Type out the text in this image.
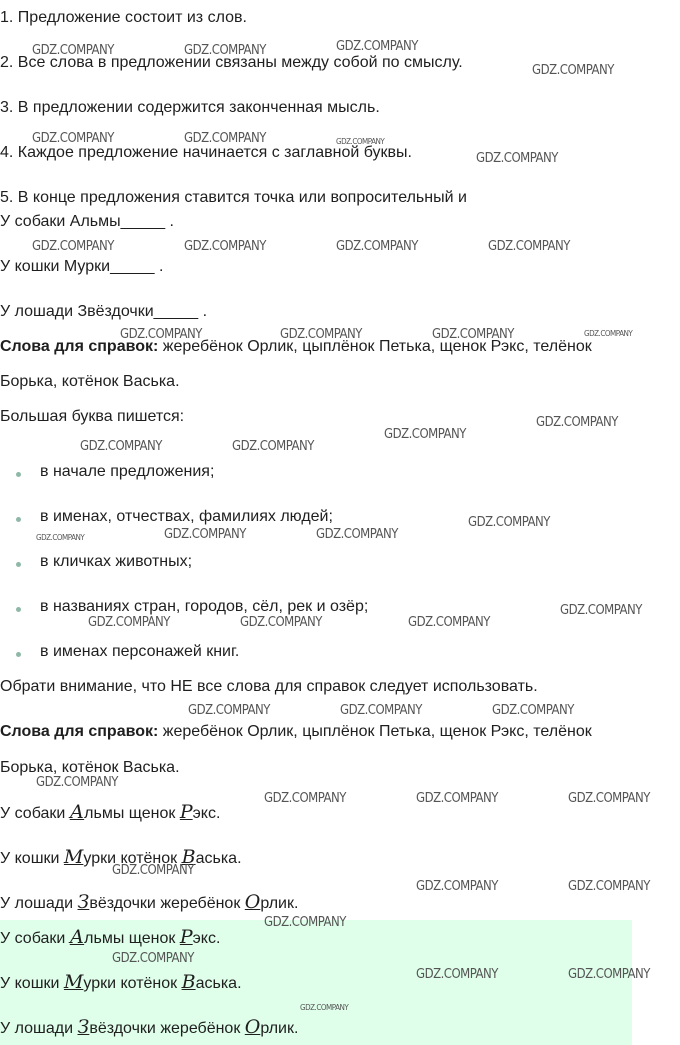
1. Предложение состоит из слов.
2. Все слова в предложении связаны между собой по смыслу.
3. В предложении содержится законченная мысль.
4. Каждое предложение начинается с заглавной буквы.
5. В конце предложения ставится точка или вопросительный и
У собаки Альмы_____ .
У кошки Мурки_____ .
У лошади Звёздочки_____ .
Слова для справок: жеребёнок Орлик, цыплёнок Петька, щенок Рэкс, телёнок
Борька, котёнок Васька.
Большая буква пишется:
в начале предложения;
в именах, отчествах, фамилиях людей;
в кличках животных;
в названиях стран, городов, сёл, рек и озёр;
в именах персонажей книг.
Обрати внимание, что НЕ все слова для справок следует использовать.
Слова для справок: жеребёнок Орлик, цыплёнок Петька, щенок Рэкс, телёнок
Борька, котёнок Васька.
У собаки Альмы щенок Рэкс.
У кошки Мурки котёнок Васька.
У лошади Звёздочки жеребёнок Орлик.
У собаки Альмы щенок Рэкс.
У кошки Мурки котёнок Васька.
У лошади Звёздочки жеребёнок Орлик.
GDZ.COMPANY	GDZ.COMPANY	GDZ.COMPANY
GDZ.COMPANY
GDZ.COMPANY	GDZ.COMPANY	GDZ.COMPANY
GDZ.COMPANY
GDZ.COMPANY	GDZ.COMPANY	GDZ.COMPANY	GDZ.COMPANY
GDZ.COMPANY	GDZ.COMPANY	GDZ.COMPANY	GDZ.COMPANY
GDZ.COMPANY
GDZ.COMPANY
GDZ.COMPANY	GDZ.COMPANY
GDZ.COMPANY
GDZ.COMPANY	GDZ.COMPANY	GDZ.COMPANY
GDZ.COMPANY
GDZ.COMPANY	GDZ.COMPANY	GDZ.COMPANY
GDZ.COMPANY	GDZ.COMPANY	GDZ.COMPANY
GDZ.COMPANY
GDZ.COMPANY	GDZ.COMPANY	GDZ.COMPANY
GDZ.COMPANY
GDZ.COMPANY	GDZ.COMPANY
GDZ.COMPANY
GDZ.COMPANY
GDZ.COMPANY	GDZ.COMPANY
GDZ.COMPANY
